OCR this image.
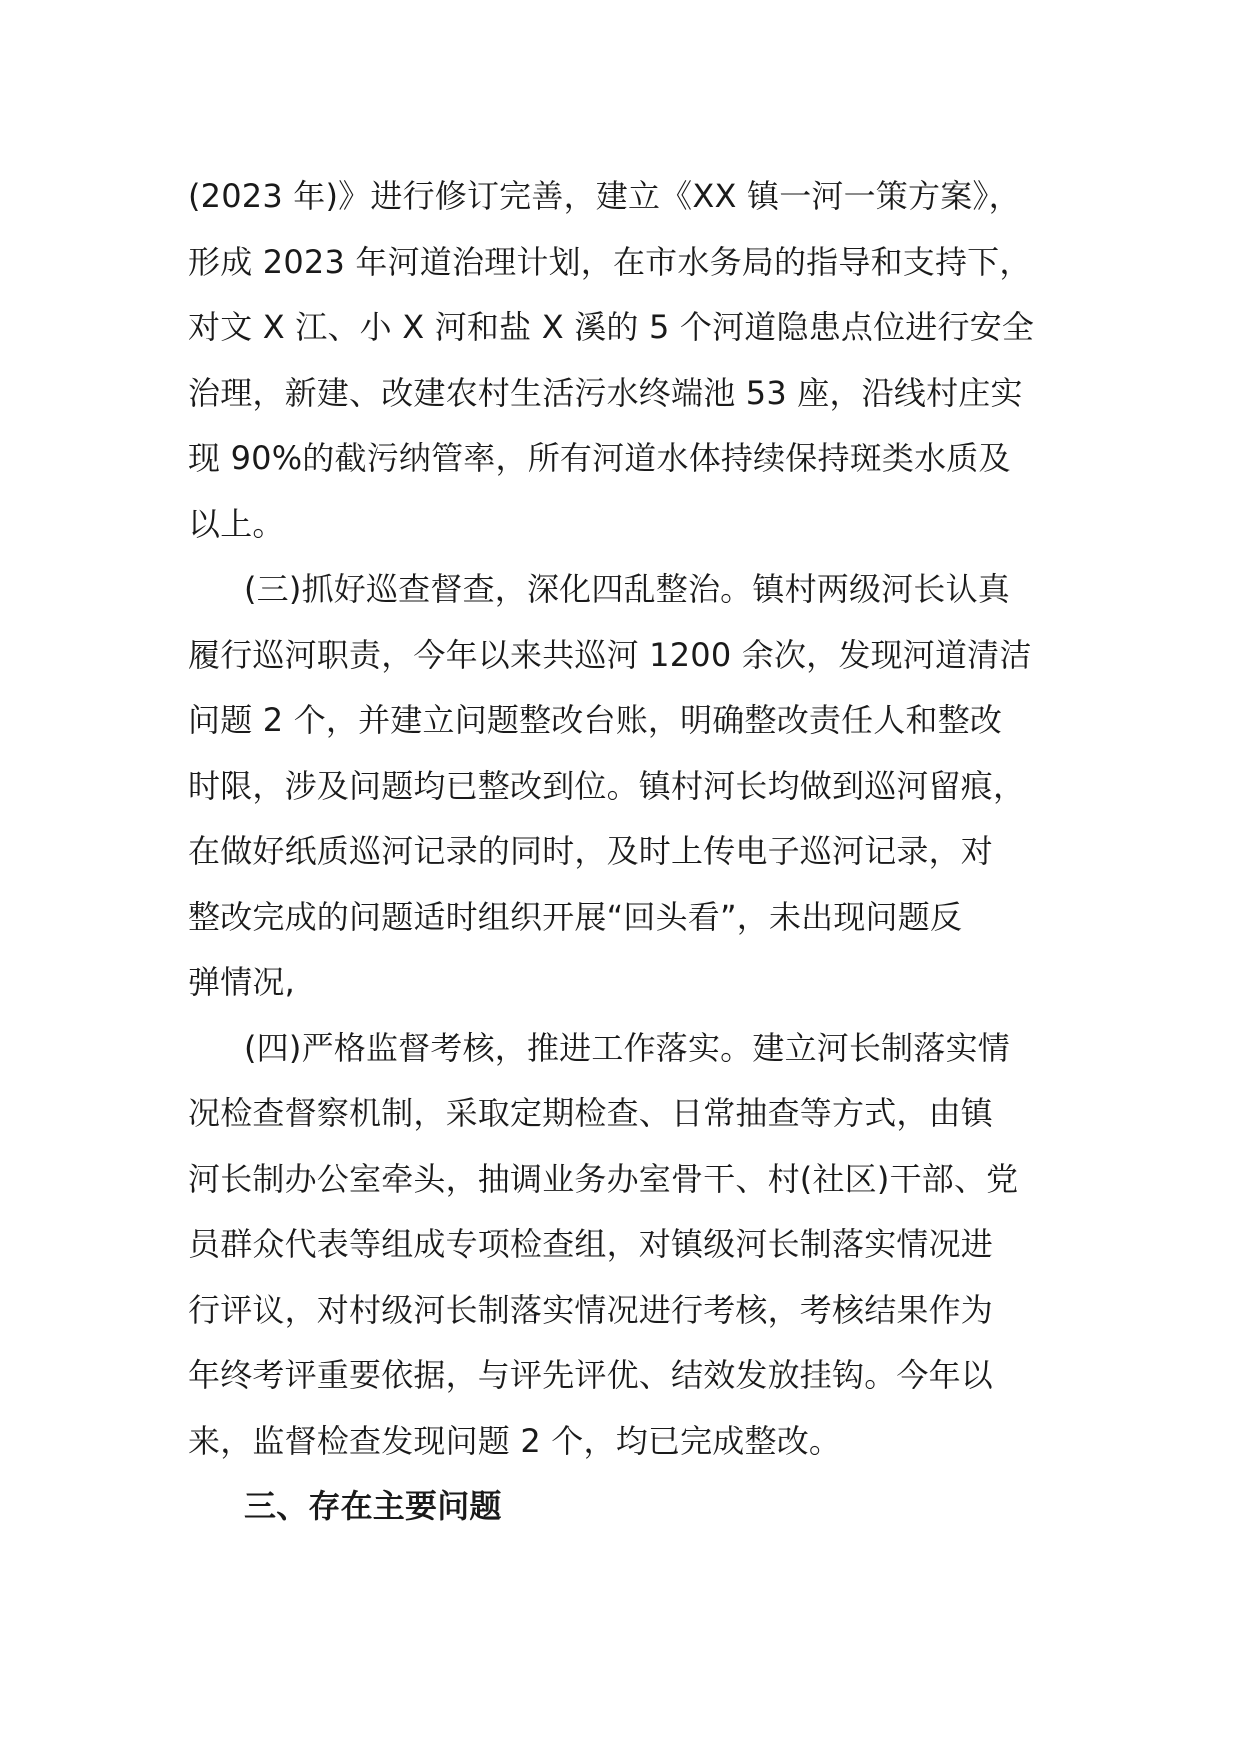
(2023 年)》进行修订完善，建立《XX 镇一河一策方案》，
形成 2023 年河道治理计划，在市水务局的指导和支持下，
对文 X 江、小 X 河和盐 X 溪的 5 个河道隐患点位进行安全
治理，新建、改建农村生活污水终端池 53 座，沿线村庄实
现 90%的截污纳管率，所有河道水体持续保持斑类水质及
以上。
(三)抓好巡查督查，深化四乱整治。镇村两级河长认真
履行巡河职责，今年以来共巡河 1200 余次，发现河道清洁
问题 2 个，并建立问题整改台账，明确整改责任人和整改
时限，涉及问题均已整改到位。镇村河长均做到巡河留痕，
在做好纸质巡河记录的同时，及时上传电子巡河记录，对
整改完成的问题适时组织开展“回头看”，未出现问题反
弹情况,
(四)严格监督考核，推进工作落实。建立河长制落实情
况检查督察机制，采取定期检查、日常抽查等方式，由镇
河长制办公室牵头，抽调业务办室骨干、村(社区)干部、党
员群众代表等组成专项检查组，对镇级河长制落实情况进
行评议，对村级河长制落实情况进行考核，考核结果作为
年终考评重要依据，与评先评优、结效发放挂钩。今年以
来，监督检查发现问题 2 个，均已完成整改。
三、存在主要问题
